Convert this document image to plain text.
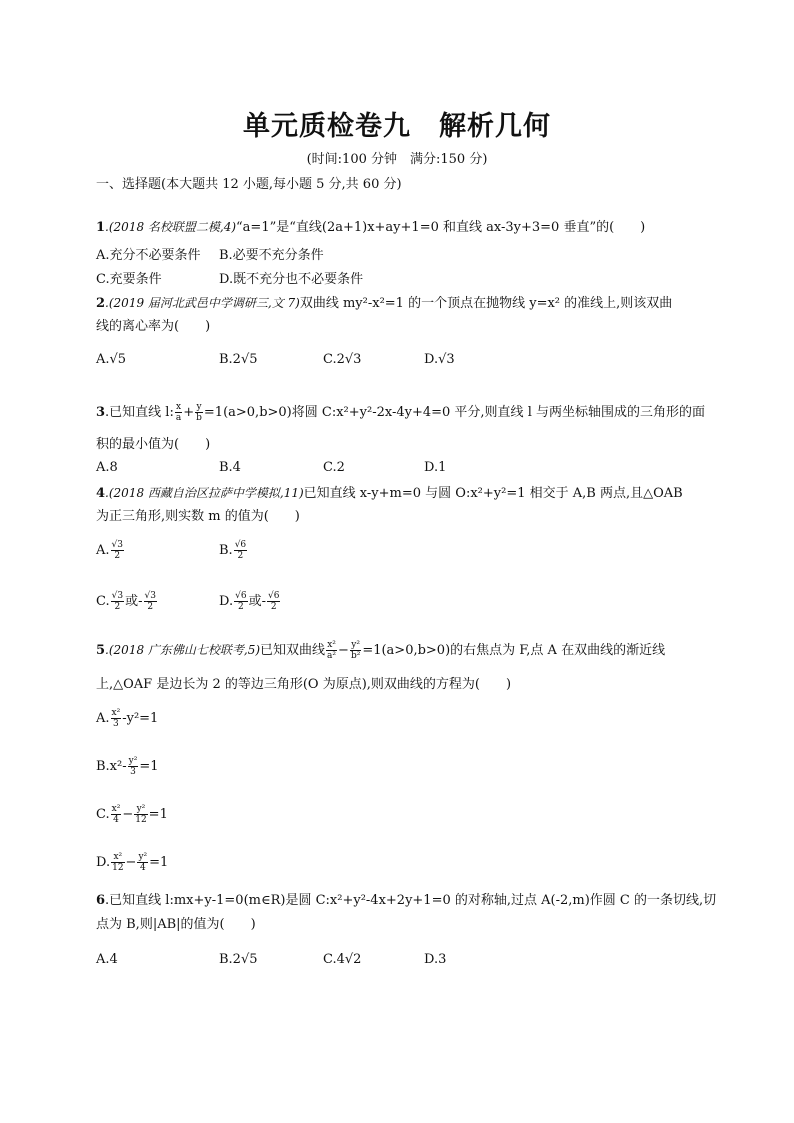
单元质检卷九　解析几何
(时间:100 分钟　满分:150 分)
一、选择题(本大题共 12 小题,每小题 5 分,共 60 分)
1.(2018 名校联盟二模,4)“a=1”是“直线(2a+1)x+ay+1=0 和直线 ax-3y+3=0 垂直”的(　　)
A.充分不必要条件 B.必要不充分条件
C.充要条件	D.既不充分也不必要条件
2.(2019 届河北武邑中学调研三,文 7)双曲线 my²-x²=1 的一个顶点在抛物线 y=x² 的准线上,则该双曲
线的离心率为(　　)
A.√5	B.2√5	C.2√3	D.√3
3.已知直线 l: $\frac{x}{a} + \frac{y}{b} =1(a>0,b>0)$将圆 C:x²+y²-2x-4y+4=0 平分,则直线 l 与两坐标轴围成的三角形的面
积的最小值为(　　)
A.8	B.4	C.2	D.1
4.(2018 西藏自治区拉萨中学模拟,11)已知直线 x-y+m=0 与圆 O:x²+y²=1 相交于 A,B 两点,且△OAB
为正三角形,则实数 m 的值为(　　)
A. $\frac{√3}{2}$	B. $\frac{√6}{2}$
C. $\frac{√3}{2}$ 或- $\frac{√3}{2}$	D. $\frac{√6}{2}$ 或- $\frac{√6}{2}$
5.(2018 广东佛山七校联考,5)已知双曲线 $\frac{\text{x²}}{\text{a²}} - \frac{\text{y²}}{\text{b²}} =1(a>0,b>0)$的右焦点为 F,点 A 在双曲线的渐近线
上,△OAF 是边长为 2 的等边三角形(O 为原点),则双曲线的方程为(　　)
A. $\frac{\text{x²}}{3} -y^2=1$
$B.x^2- \frac{\text{y²}}{3} =1$
C. $\frac{\text{x²}}{4} - \frac{\text{y²}}{12} =1$
D. $\frac{\text{x²}}{12} - \frac{\text{y²}}{4} =1$
6.已知直线 l:mx+y-1=0(m∈R)是圆 C:x²+y²-4x+2y+1=0 的对称轴,过点 A(-2,m)作圆 C 的一条切线,切
点为 B,则|AB|的值为(　　)
A.4	B.2√5	C.4√2	D.3
